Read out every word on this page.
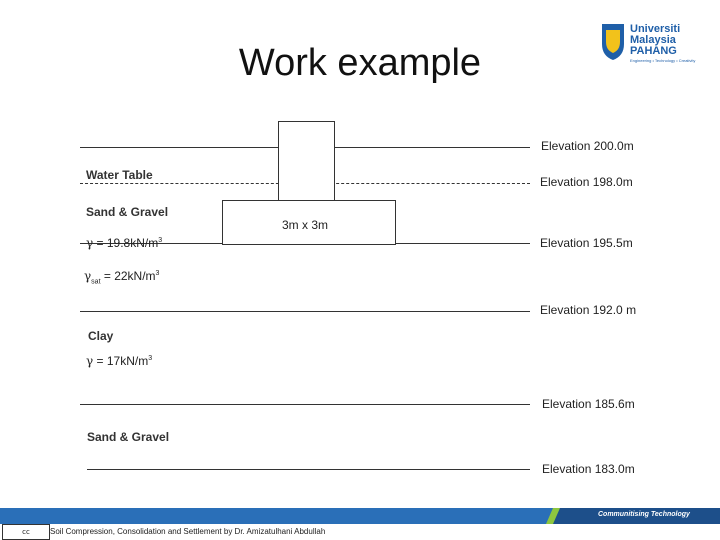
Work example
Universiti
Malaysia
PAHANG
Engineering • Technology • Creativity
3m x 3m
Water Table
Sand & Gravel
$\gamma = 19.8kN/m^3$
$\gamma_{sat} = 22kN/m^3$
Clay
$\gamma = 17kN/m^3$
Sand & Gravel
Elevation 200.0m
Elevation 198.0m
Elevation 195.5m
Elevation 192.0 m
Elevation 185.6m
Elevation 183.0m
Communitising Technology
cc	Soil Compression, Consolidation and Settlement by Dr. Amizatulhani Abdullah
